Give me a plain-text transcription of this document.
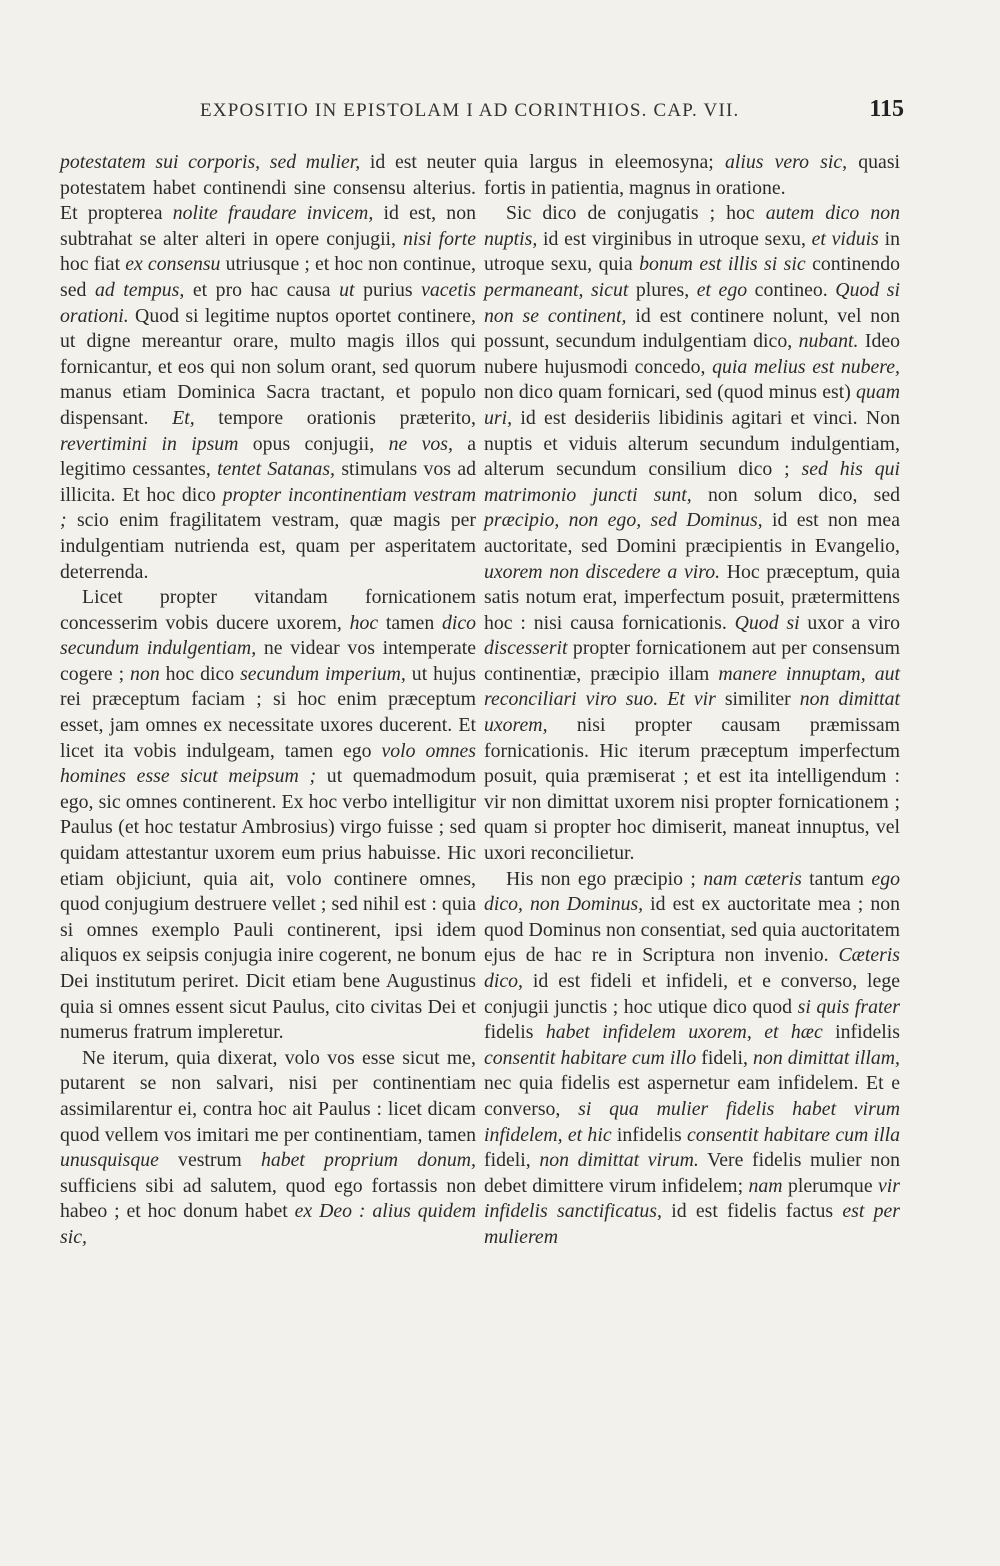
EXPOSITIO IN EPISTOLAM I AD CORINTHIOS. CAP. VII.	115

potestatem sui corporis, sed mulier, id est neuter potestatem habet continendi sine consensu alterius. Et propterea nolite fraudare invicem, id est, non subtrahat se alter alteri in opere conjugii, nisi forte hoc fiat ex consensu utriusque ; et hoc non continue, sed ad tempus, et pro hac causa ut purius vacetis orationi. Quod si legitime nuptos oportet continere, ut digne mereantur orare, multo magis illos qui fornicantur, et eos qui non solum orant, sed quorum manus etiam Dominica Sacra tractant, et populo dispensant. Et, tempore orationis præterito, revertimini in ipsum opus conjugii, ne vos, a legitimo cessantes, tentet Satanas, stimulans vos ad illicita. Et hoc dico propter incontinentiam vestram ; scio enim fragilitatem vestram, quæ magis per indulgentiam nutrienda est, quam per asperitatem deterrenda.

Licet propter vitandam fornicationem concesserim vobis ducere uxorem, hoc tamen dico secundum indulgentiam, ne videar vos intemperate cogere ; non hoc dico secundum imperium, ut hujus rei præceptum faciam ; si hoc enim præceptum esset, jam omnes ex necessitate uxores ducerent. Et licet ita vobis indulgeam, tamen ego volo omnes homines esse sicut meipsum ; ut quemadmodum ego, sic omnes continerent. Ex hoc verbo intelligitur Paulus (et hoc testatur Ambrosius) virgo fuisse ; sed quidam attestantur uxorem eum prius habuisse. Hic etiam objiciunt, quia ait, volo continere omnes, quod conjugium destruere vellet ; sed nihil est : quia si omnes exemplo Pauli continerent, ipsi idem aliquos ex seipsis conjugia inire cogerent, ne bonum Dei institutum periret. Dicit etiam bene Augustinus quia si omnes essent sicut Paulus, cito civitas Dei et numerus fratrum impleretur.

Ne iterum, quia dixerat, volo vos esse sicut me, putarent se non salvari, nisi per continentiam assimilarentur ei, contra hoc ait Paulus : licet dicam quod vellem vos imitari me per continentiam, tamen unusquisque vestrum habet proprium donum, sufficiens sibi ad salutem, quod ego fortassis non habeo ; et hoc donum habet ex Deo : alius quidem sic,

quia largus in eleemosyna; alius vero sic, quasi fortis in patientia, magnus in oratione.

Sic dico de conjugatis ; hoc autem dico non nuptis, id est virginibus in utroque sexu, et viduis in utroque sexu, quia bonum est illis si sic continendo permaneant, sicut plures, et ego contineo. Quod si non se continent, id est continere nolunt, vel non possunt, secundum indulgentiam dico, nubant. Ideo nubere hujusmodi concedo, quia melius est nubere, non dico quam fornicari, sed (quod minus est) quam uri, id est desideriis libidinis agitari et vinci. Non nuptis et viduis alterum secundum indulgentiam, alterum secundum consilium dico ; sed his qui matrimonio juncti sunt, non solum dico, sed præcipio, non ego, sed Dominus, id est non mea auctoritate, sed Domini præcipientis in Evangelio, uxorem non discedere a viro. Hoc præceptum, quia satis notum erat, imperfectum posuit, prætermittens hoc : nisi causa fornicationis. Quod si uxor a viro discesserit propter fornicationem aut per consensum continentiæ, præcipio illam manere innuptam, aut reconciliari viro suo. Et vir similiter non dimittat uxorem, nisi propter causam præmissam fornicationis. Hic iterum præceptum imperfectum posuit, quia præmiserat ; et est ita intelligendum : vir non dimittat uxorem nisi propter fornicationem ; quam si propter hoc dimiserit, maneat innuptus, vel uxori reconcilietur.

His non ego præcipio ; nam cæteris tantum ego dico, non Dominus, id est ex auctoritate mea ; non quod Dominus non consentiat, sed quia auctoritatem ejus de hac re in Scriptura non invenio. Cæteris dico, id est fideli et infideli, et e converso, lege conjugii junctis ; hoc utique dico quod si quis frater fidelis habet infidelem uxorem, et hæc infidelis consentit habitare cum illo fideli, non dimittat illam, nec quia fidelis est aspernetur eam infidelem. Et e converso, si qua mulier fidelis habet virum infidelem, et hic infidelis consentit habitare cum illa fideli, non dimittat virum. Vere fidelis mulier non debet dimittere virum infidelem; nam plerumque vir infidelis sanctificatus, id est fidelis factus est per mulierem
